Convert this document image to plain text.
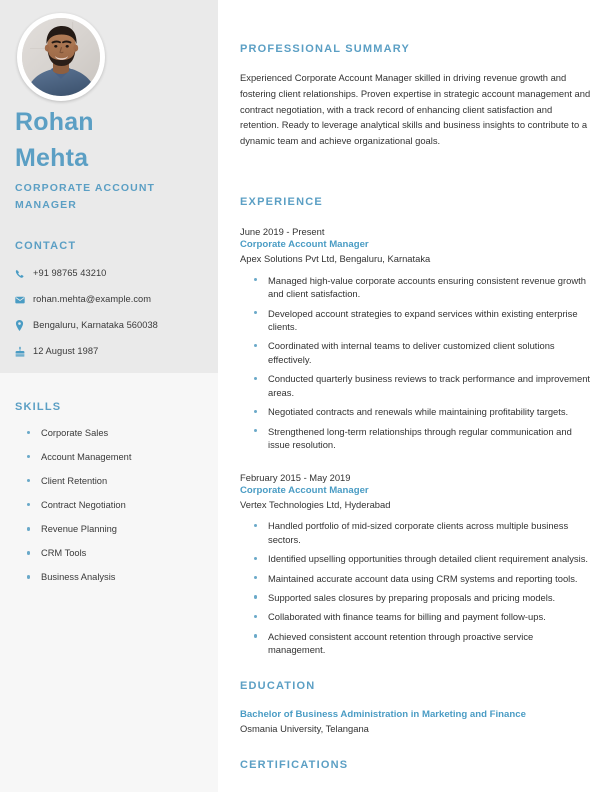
Rohan
Mehta
CORPORATE ACCOUNT MANAGER
CONTACT
+91 98765 43210
rohan.mehta@example.com
Bengaluru, Karnataka 560038
12 August 1987
SKILLS
Corporate Sales
Account Management
Client Retention
Contract Negotiation
Revenue Planning
CRM Tools
Business Analysis
PROFESSIONAL SUMMARY

Experienced Corporate Account Manager skilled in driving revenue growth and fostering client relationships. Proven expertise in strategic account management and contract negotiation, with a track record of enhancing client satisfaction and retention. Ready to leverage analytical skills and business insights to contribute to a dynamic team and achieve organizational goals.

EXPERIENCE
June 2019 - Present
Corporate Account Manager
Apex Solutions Pvt Ltd, Bengaluru, Karnataka
Managed high-value corporate accounts ensuring consistent revenue growth and client satisfaction.
Developed account strategies to expand services within existing enterprise clients.
Coordinated with internal teams to deliver customized client solutions effectively.
Conducted quarterly business reviews to track performance and improvement areas.
Negotiated contracts and renewals while maintaining profitability targets.
Strengthened long-term relationships through regular communication and issue resolution.
February 2015 - May 2019
Corporate Account Manager
Vertex Technologies Ltd, Hyderabad
Handled portfolio of mid-sized corporate clients across multiple business sectors.
Identified upselling opportunities through detailed client requirement analysis.
Maintained accurate account data using CRM systems and reporting tools.
Supported sales closures by preparing proposals and pricing models.
Collaborated with finance teams for billing and payment follow-ups.
Achieved consistent account retention through proactive service management.
EDUCATION
Bachelor of Business Administration in Marketing and Finance
Osmania University, Telangana
CERTIFICATIONS
